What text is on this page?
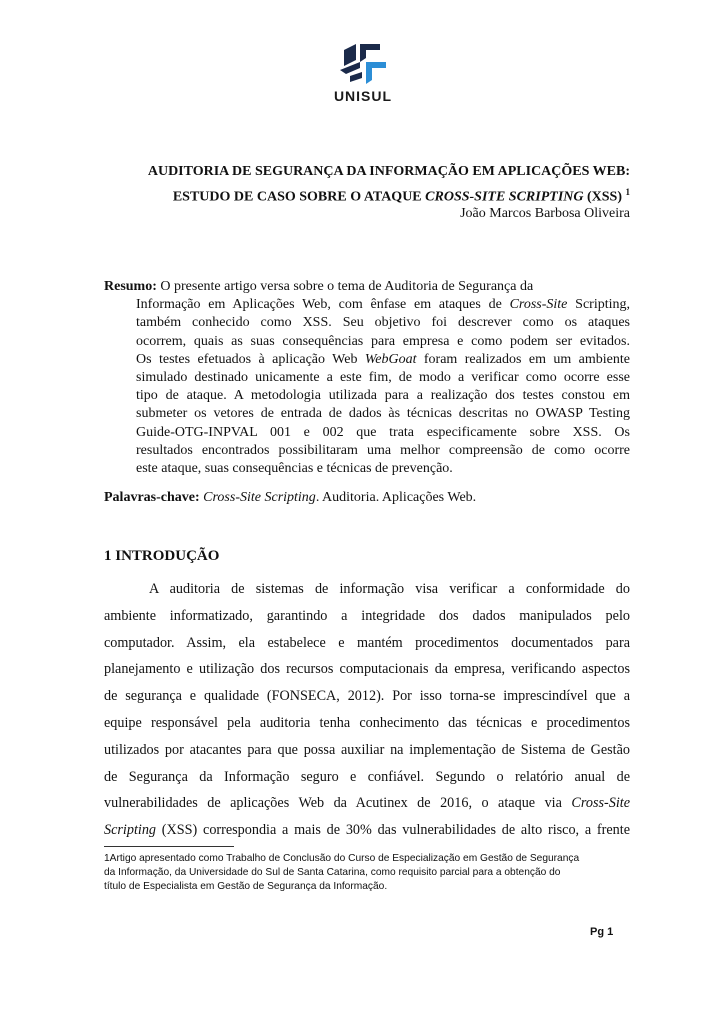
UNISUL
AUDITORIA DE SEGURANÇA DA INFORMAÇÃO EM APLICAÇÕES WEB:
ESTUDO DE CASO SOBRE O ATAQUE CROSS-SITE SCRIPTING (XSS) $^1$
João Marcos Barbosa Oliveira
Resumo: O presente artigo versa sobre o tema de Auditoria de Segurança da
Informação em Aplicações Web, com ênfase em ataques de Cross-Site Scripting,
também conhecido como XSS. Seu objetivo foi descrever como os ataques
ocorrem, quais as suas consequências para empresa e como podem ser evitados.
Os testes efetuados à aplicação Web WebGoat foram realizados em um ambiente
simulado destinado unicamente a este fim, de modo a verificar como ocorre esse
tipo de ataque. A metodologia utilizada para a realização dos testes constou em
submeter os vetores de entrada de dados às técnicas descritas no OWASP Testing
Guide-OTG-INPVAL 001 e 002 que trata especificamente sobre XSS. Os
resultados encontrados possibilitaram uma melhor compreensão de como ocorre
este ataque, suas consequências e técnicas de prevenção.
Palavras-chave: Cross-Site Scripting. Auditoria. Aplicações Web.
1 INTRODUÇÃO
A auditoria de sistemas de informação visa verificar a conformidade do
ambiente informatizado, garantindo a integridade dos dados manipulados pelo
computador. Assim, ela estabelece e mantém procedimentos documentados para
planejamento e utilização dos recursos computacionais da empresa, verificando aspectos
de segurança e qualidade (FONSECA, 2012). Por isso torna-se imprescindível que a
equipe responsável pela auditoria tenha conhecimento das técnicas e procedimentos
utilizados por atacantes para que possa auxiliar na implementação de Sistema de Gestão
de Segurança da Informação seguro e confiável. Segundo o relatório anual de
vulnerabilidades de aplicações Web da Acutinex de 2016, o ataque via Cross-Site
Scripting (XSS) correspondia a mais de 30% das vulnerabilidades de alto risco, a frente
1Artigo apresentado como Trabalho de Conclusão do Curso de Especialização em Gestão de Segurança
da Informação, da Universidade do Sul de Santa Catarina, como requisito parcial para a obtenção do
título de Especialista em Gestão de Segurança da Informação.
Pg 1
